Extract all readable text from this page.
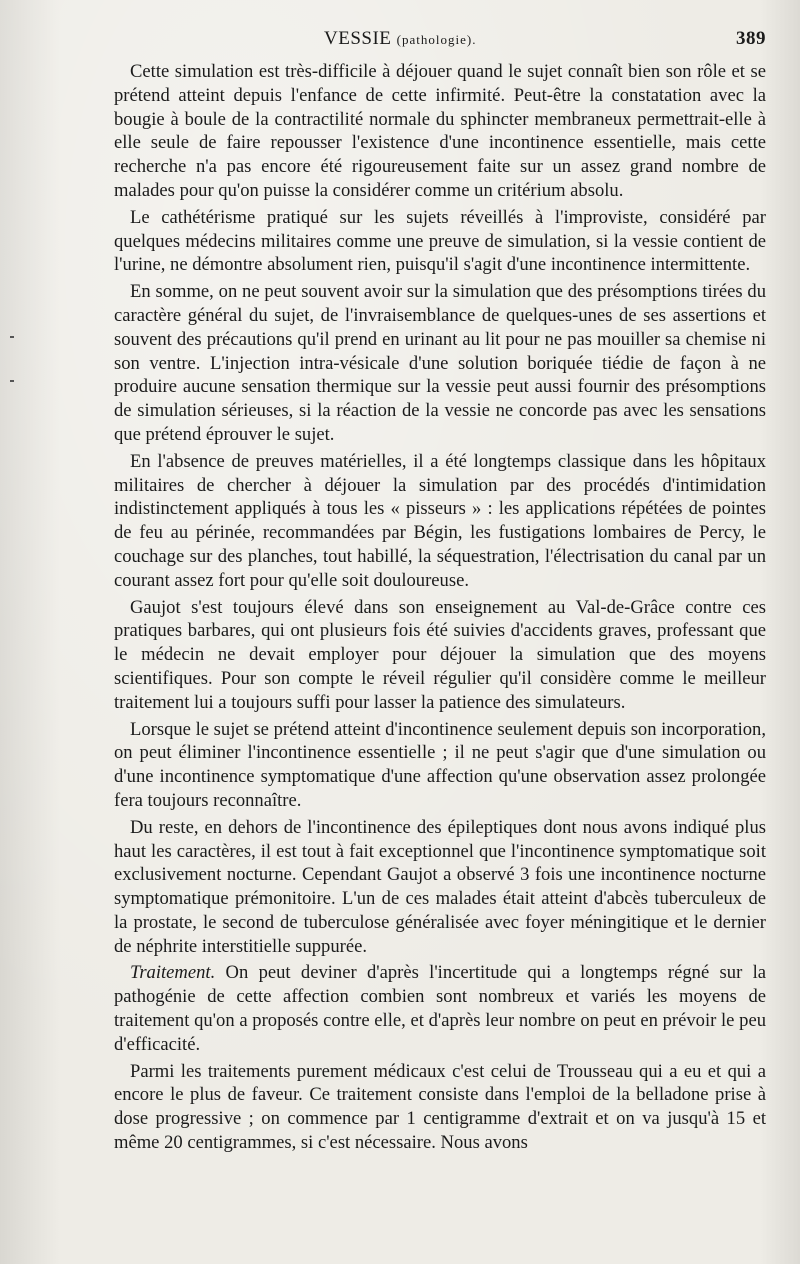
VESSIE (pathologie).	389

Cette simulation est très-difficile à déjouer quand le sujet connaît bien son rôle et se prétend atteint depuis l'enfance de cette infirmité. Peut-être la constatation avec la bougie à boule de la contractilité normale du sphincter membraneux permettrait-elle à elle seule de faire repousser l'existence d'une incontinence essentielle, mais cette recherche n'a pas encore été rigoureusement faite sur un assez grand nombre de malades pour qu'on puisse la considérer comme un critérium absolu.

Le cathétérisme pratiqué sur les sujets réveillés à l'improviste, considéré par quelques médecins militaires comme une preuve de simulation, si la vessie contient de l'urine, ne démontre absolument rien, puisqu'il s'agit d'une incontinence intermittente.

En somme, on ne peut souvent avoir sur la simulation que des présomptions tirées du caractère général du sujet, de l'invraisemblance de quelques-unes de ses assertions et souvent des précautions qu'il prend en urinant au lit pour ne pas mouiller sa chemise ni son ventre. L'injection intra-vésicale d'une solution boriquée tiédie de façon à ne produire aucune sensation thermique sur la vessie peut aussi fournir des présomptions de simulation sérieuses, si la réaction de la vessie ne concorde pas avec les sensations que prétend éprouver le sujet.

En l'absence de preuves matérielles, il a été longtemps classique dans les hôpitaux militaires de chercher à déjouer la simulation par des procédés d'intimidation indistinctement appliqués à tous les « pisseurs » : les applications répétées de pointes de feu au périnée, recommandées par Bégin, les fustigations lombaires de Percy, le couchage sur des planches, tout habillé, la séquestration, l'électrisation du canal par un courant assez fort pour qu'elle soit douloureuse.

Gaujot s'est toujours élevé dans son enseignement au Val-de-Grâce contre ces pratiques barbares, qui ont plusieurs fois été suivies d'accidents graves, professant que le médecin ne devait employer pour déjouer la simulation que des moyens scientifiques. Pour son compte le réveil régulier qu'il considère comme le meilleur traitement lui a toujours suffi pour lasser la patience des simulateurs.

Lorsque le sujet se prétend atteint d'incontinence seulement depuis son incorporation, on peut éliminer l'incontinence essentielle ; il ne peut s'agir que d'une simulation ou d'une incontinence symptomatique d'une affection qu'une observation assez prolongée fera toujours reconnaître.

Du reste, en dehors de l'incontinence des épileptiques dont nous avons indiqué plus haut les caractères, il est tout à fait exceptionnel que l'incontinence symptomatique soit exclusivement nocturne. Cependant Gaujot a observé 3 fois une incontinence nocturne symptomatique prémonitoire. L'un de ces malades était atteint d'abcès tuberculeux de la prostate, le second de tuberculose généralisée avec foyer méningitique et le dernier de néphrite interstitielle suppurée.

Traitement. On peut deviner d'après l'incertitude qui a longtemps régné sur la pathogénie de cette affection combien sont nombreux et variés les moyens de traitement qu'on a proposés contre elle, et d'après leur nombre on peut en prévoir le peu d'efficacité.

Parmi les traitements purement médicaux c'est celui de Trousseau qui a eu et qui a encore le plus de faveur. Ce traitement consiste dans l'emploi de la belladone prise à dose progressive ; on commence par 1 centigramme d'extrait et on va jusqu'à 15 et même 20 centigrammes, si c'est nécessaire. Nous avons
